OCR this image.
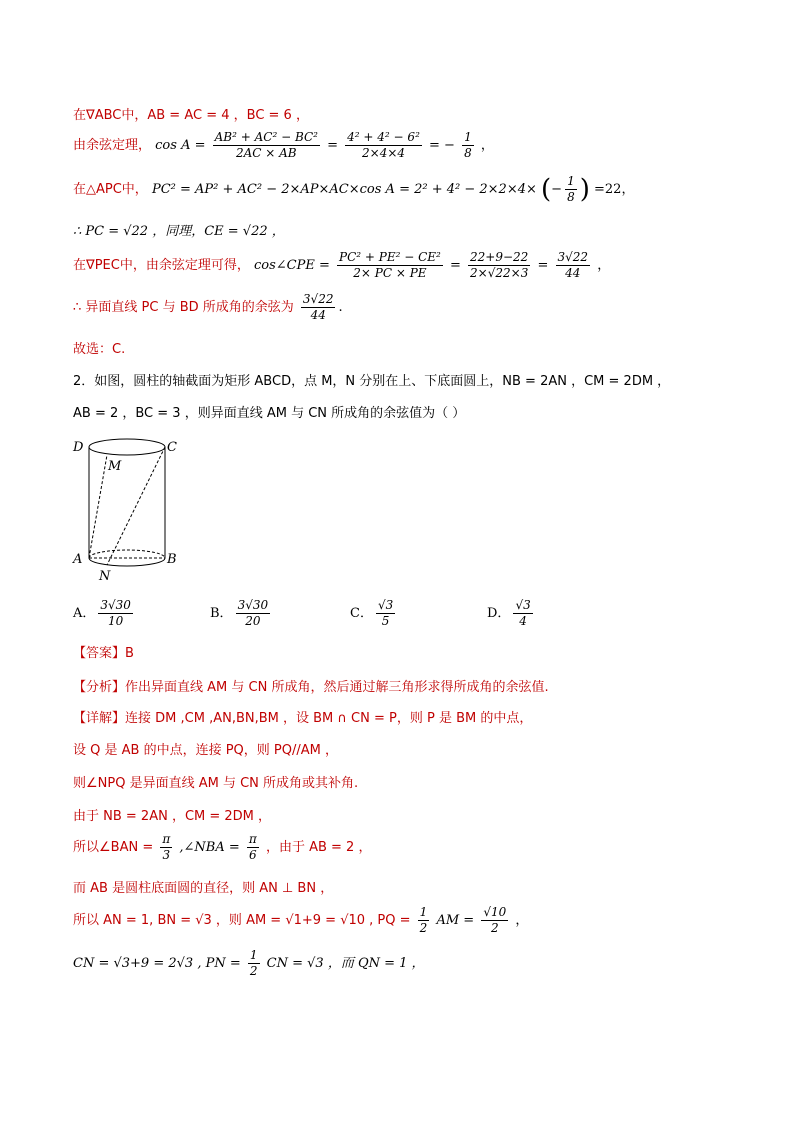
在∇ABC中，AB = AC = 4 ，BC = 6 ，
由余弦定理， $\cos A = \frac{\text{AB² + AC² − BC²}}{2AC \times AB} = \frac{\text{4² + 4² − 6²}}{2\times 4\times 4}$ = − $\frac{1}{8}$ ，
在△APC中， PC² = AP² + AC² − 2×AP×AC×cos A = 2² + 4² − 2×2×4× (− $\frac{1}{8}$ ) =22，
∴ PC = √22 ，同理，CE = √22 ，
在∇PEC中，由余弦定理可得， cos∠CPE = $\frac{\text{PC² + PE² − CE²}}{2\times PC \times PE} = \frac{22+9-22}{2\times√22\times 3} = \frac{3√22}{44}$ ，
∴ 异面直线 PC 与 BD 所成角的余弦为 $\frac{3√22}{44}$ .
故选：C.
2．如图，圆柱的轴截面为矩形 ABCD，点 M，N 分别在上、下底面圆上，NB = 2AN ，CM = 2DM ，
AB = 2 ，BC = 3 ，则异面直线 AM 与 CN 所成角的余弦值为（ ）
D	C
M
A	B
N
A． $\frac{3√30}{10}$	B． $\frac{3√30}{20}$	C． $\frac{√3}{5}$	D． $\frac{√3}{4}$
【答案】B
【分析】作出异面直线 AM 与 CN 所成角，然后通过解三角形求得所成角的余弦值.
【详解】连接 DM ,CM ,AN,BN,BM ，设 BM ∩ CN = P，则 P 是 BM 的中点，
设 Q 是 AB 的中点，连接 PQ，则 PQ//AM ，
则∠NPQ 是异面直线 AM 与 CN 所成角或其补角.
由于 NB = 2AN ，CM = 2DM ，
所以∠BAN = $\frac{\pi}{3}$ ,∠NBA = $\frac{\pi}{6}$ ，由于 AB = 2 ，
而 AB 是圆柱底面圆的直径，则 AN ⊥ BN ，
所以 AN = 1, BN = √3 ，则 AM = √1+9 = √10 , PQ = $\frac{1}{2}$ AM = $\frac{√10}{2}$ ，
CN = √3+9 = 2√3 , PN = $\frac{1}{2}$ CN = √3 ，而 QN = 1 ，
